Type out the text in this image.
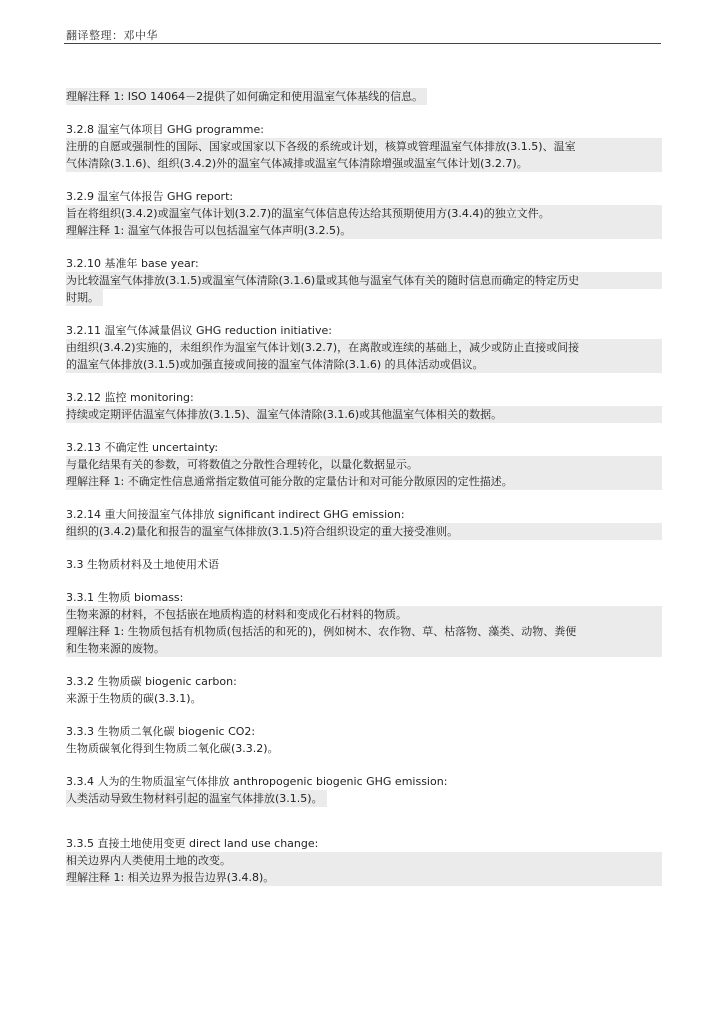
翻译整理：邓中华
理解注释 1: ISO 14064－2提供了如何确定和使用温室气体基线的信息。
3.2.8 温室气体项目 GHG programme:
注册的自愿或强制性的国际、国家或国家以下各级的系统或计划，核算或管理温室气体排放(3.1.5)、温室
气体清除(3.1.6)、组织(3.4.2)外的温室气体减排或温室气体清除增强或温室气体计划(3.2.7)。
3.2.9 温室气体报告 GHG report:
旨在将组织(3.4.2)或温室气体计划(3.2.7)的温室气体信息传达给其预期使用方(3.4.4)的独立文件。
理解注释 1: 温室气体报告可以包括温室气体声明(3.2.5)。
3.2.10 基准年 base year:
为比较温室气体排放(3.1.5)或温室气体清除(3.1.6)量或其他与温室气体有关的随时信息而确定的特定历史
时期。
3.2.11 温室气体减量倡议 GHG reduction initiative:
由组织(3.4.2)实施的，未组织作为温室气体计划(3.2.7)，在离散或连续的基础上，减少或防止直接或间接
的温室气体排放(3.1.5)或加强直接或间接的温室气体清除(3.1.6) 的具体活动或倡议。
3.2.12 监控 monitoring:
持续或定期评估温室气体排放(3.1.5)、温室气体清除(3.1.6)或其他温室气体相关的数据。
3.2.13 不确定性 uncertainty:
与量化结果有关的参数，可将数值之分散性合理转化，以量化数据显示。
理解注释 1: 不确定性信息通常指定数值可能分散的定量估计和对可能分散原因的定性描述。
3.2.14 重大间接温室气体排放 significant indirect GHG emission:
组织的(3.4.2)量化和报告的温室气体排放(3.1.5)符合组织设定的重大接受准则。
3.3 生物质材料及土地使用术语
3.3.1 生物质 biomass:
生物来源的材料，不包括嵌在地质构造的材料和变成化石材料的物质。
理解注释 1: 生物质包括有机物质(包括活的和死的)，例如树木、农作物、草、枯落物、藻类、动物、粪便
和生物来源的废物。
3.3.2 生物质碳 biogenic carbon:
来源于生物质的碳(3.3.1)。
3.3.3 生物质二氧化碳 biogenic CO2:
生物质碳氧化得到生物质二氧化碳(3.3.2)。
3.3.4 人为的生物质温室气体排放 anthropogenic biogenic GHG emission:
人类活动导致生物材料引起的温室气体排放(3.1.5)。
3.3.5 直接土地使用变更 direct land use change:
相关边界内人类使用土地的改变。
理解注释 1: 相关边界为报告边界(3.4.8)。
